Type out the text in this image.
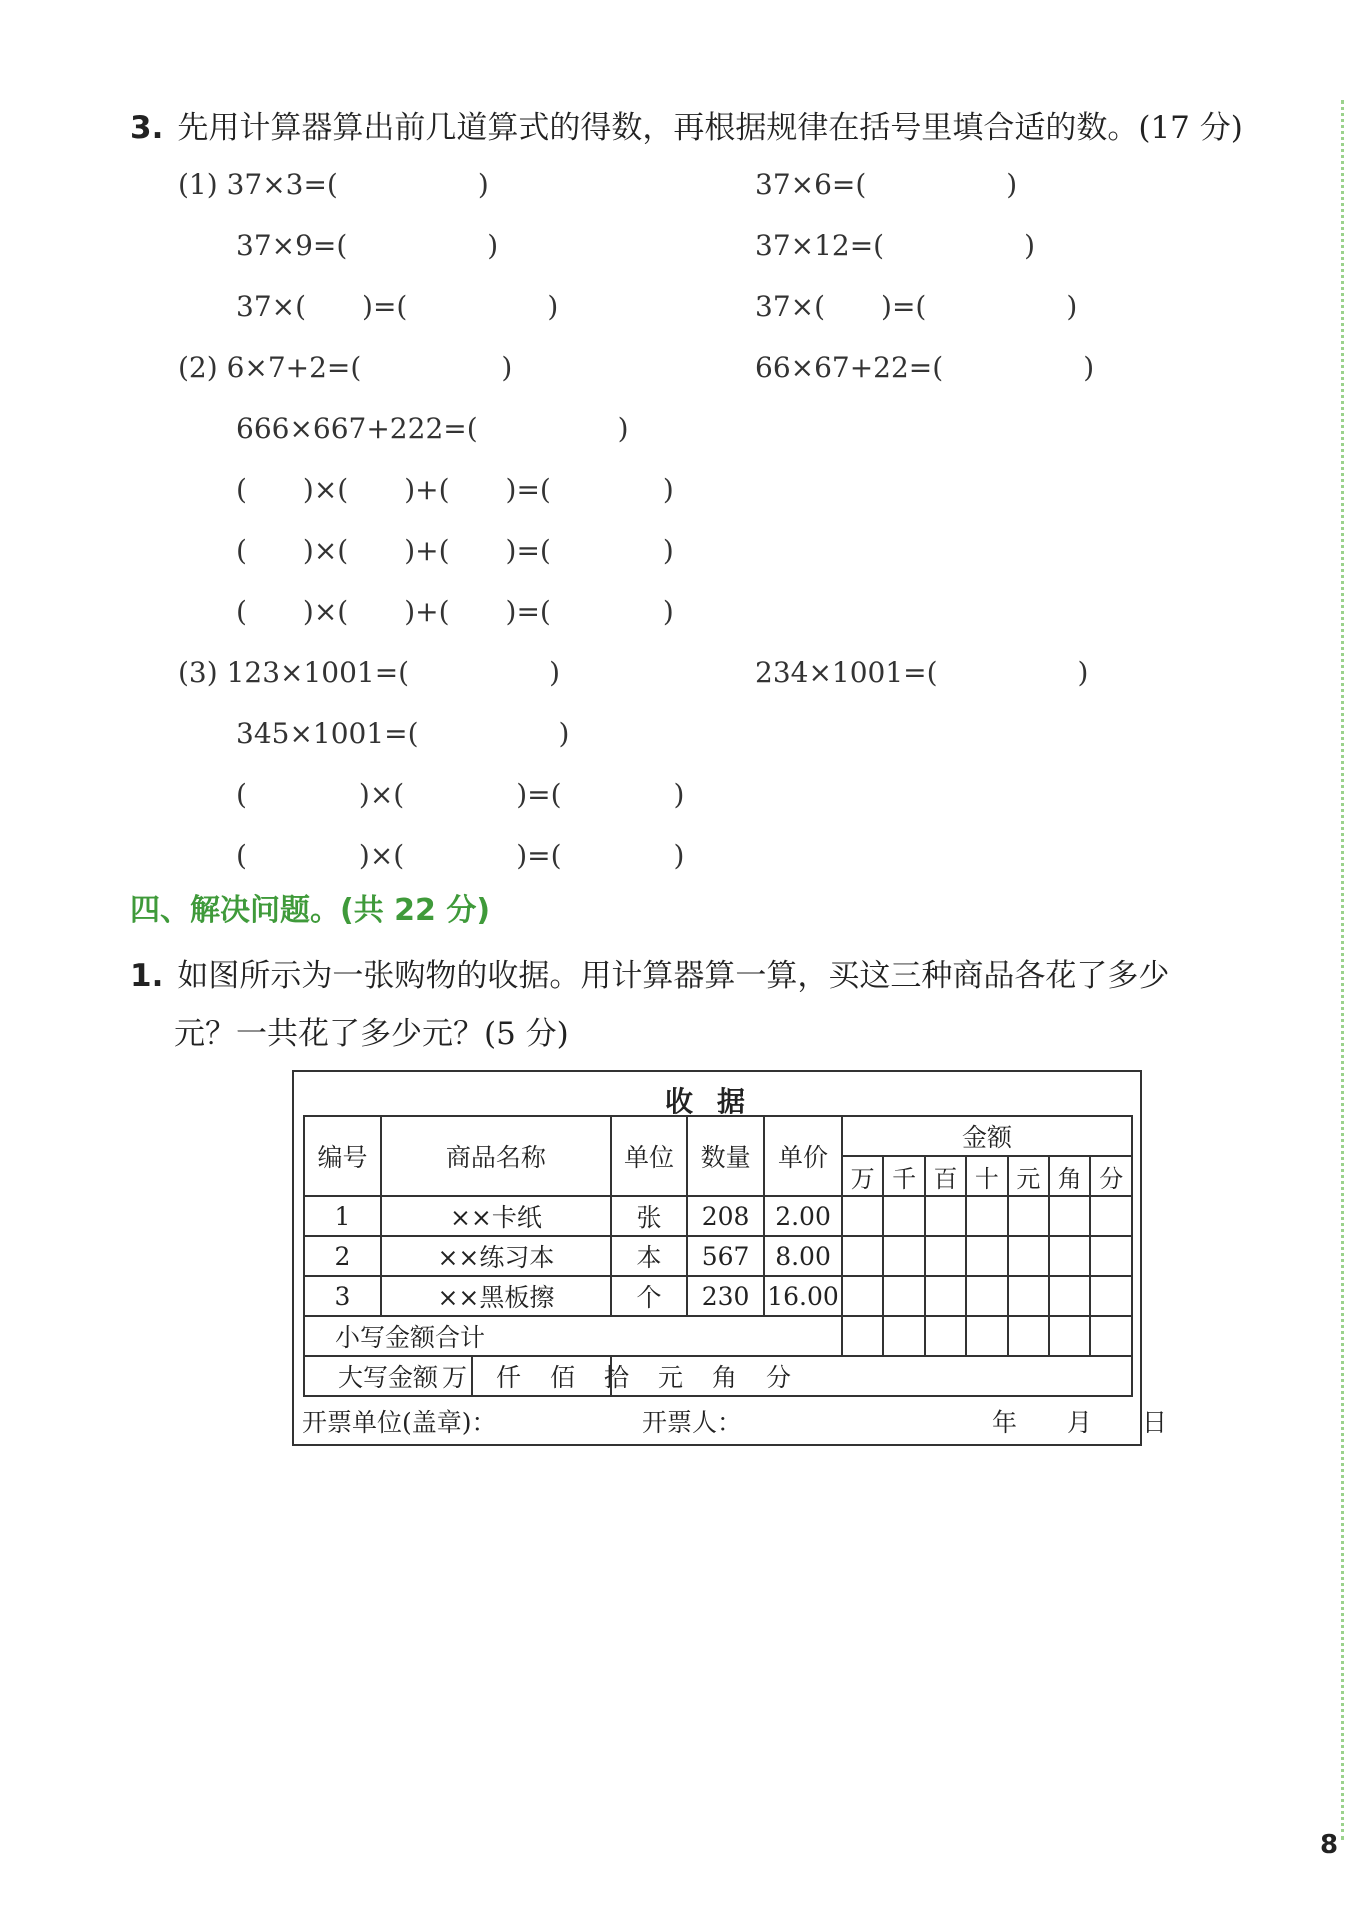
3. 先用计算器算出前几道算式的得数，再根据规律在括号里填合适的数。(17 分)
(1) 37×3=(　　　　　)	37×6=(　　　　　)
37×9=(　　　　　)	37×12=(　　　　　)
37×(　　)=(　　　　　)	37×(　　)=(　　　　　)
(2) 6×7+2=(　　　　　)	66×67+22=(　　　　　)
666×667+222=(　　　　　)
(　　)×(　　)+(　　)=(　　　　)
(　　)×(　　)+(　　)=(　　　　)
(　　)×(　　)+(　　)=(　　　　)
(3) 123×1001=(　　　　　)	234×1001=(　　　　　)
345×1001=(　　　　　)
(　　　　)×(　　　　)=(　　　　)
(　　　　)×(　　　　)=(　　　　)
四、解决问题。(共 22 分)
1. 如图所示为一张购物的收据。用计算器算一算，买这三种商品各花了多少
元？一共花了多少元？(5 分)
收据
编号	商品名称	单位	数量	单价	金额						
					万	千	百	十	元	角	分
1	××卡纸	张	208	2.00							
2	××练习本	本	567	8.00							
3	××黑板擦	个	230	16.00							
小写金额合计											

大写金额		万　仟　佰　拾　元　角　分									
开票单位(盖章)：	开票人：	年　　月　　日
8
